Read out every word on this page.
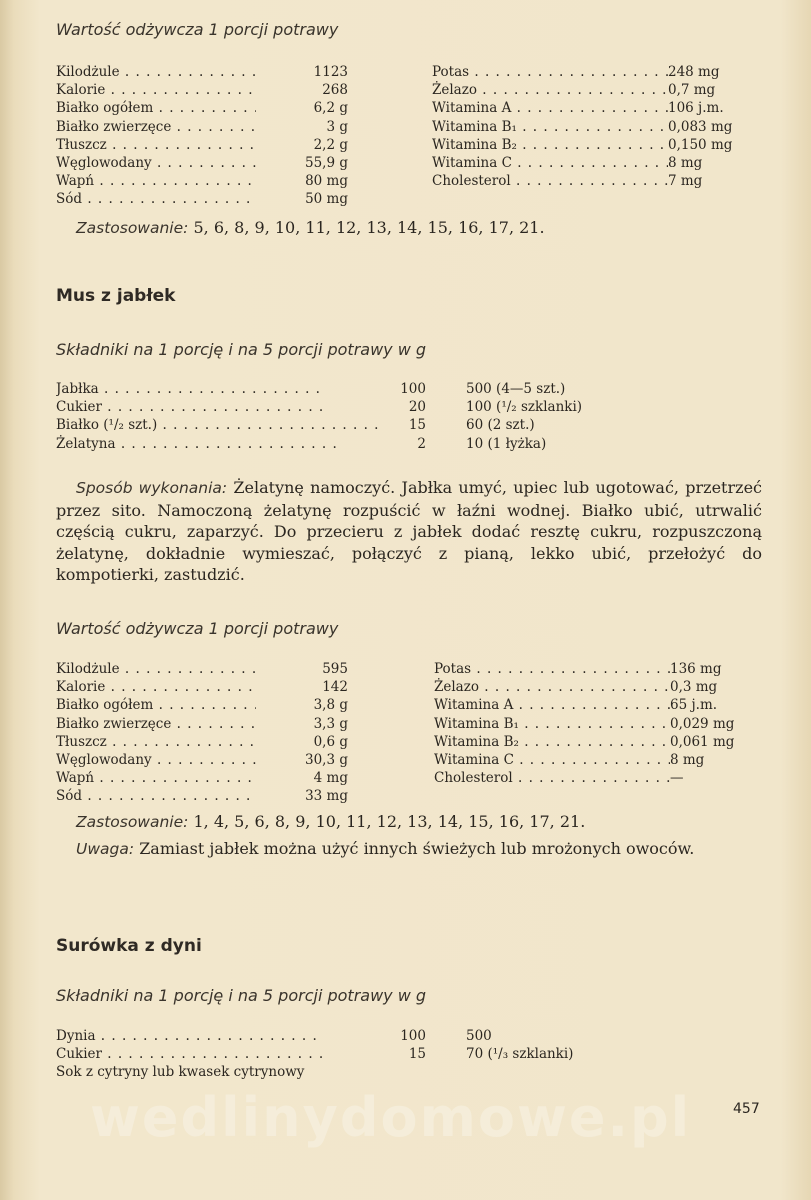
Wartość odżywcza 1 porcji potrawy
Kilodżule . . .	1123
Kalorie . . .	268
Białko ogółem . . .	6,2 g
Białko zwierzęce . . .	3 g
Tłuszcz . . .	2,2 g
Węglowodany . . .	55,9 g
Wapń . . .	80 mg
Sód . . .	50 mg
Potas . . .	248 mg
Żelazo . . .	0,7 mg
Witamina A . . .	106 j.m.
Witamina B₁ . . .	0,083 mg
Witamina B₂ . . .	0,150 mg
Witamina C . . .	8 mg
Cholesterol . . .	7 mg
Zastosowanie: 5, 6, 8, 9, 10, 11, 12, 13, 14, 15, 16, 17, 21.
Mus z jabłek
Składniki na 1 porcję i na 5 porcji potrawy w g
Jabłka . . .	100	500 (4—5 szt.)
Cukier . . .	20	100 (¹/₂ szklanki)
Białko (¹/₂ szt.) . . .	15	60 (2 szt.)
Żelatyna . . .	2	10 (1 łyżka)
Sposób wykonania: Żelatynę namoczyć. Jabłka umyć, upiec lub ugotować, przetrzeć przez sito. Namoczoną żelatynę rozpuścić w łaźni wodnej. Białko ubić, utrwalić częścią cukru, zaparzyć. Do przecieru z jabłek dodać resztę cukru, rozpuszczoną żelatynę, dokładnie wymieszać, połączyć z pianą, lekko ubić, przełożyć do kompotierki, zastudzić.
Wartość odżywcza 1 porcji potrawy
Kilodżule . . .	595
Kalorie . . .	142
Białko ogółem . . .	3,8 g
Białko zwierzęce . . .	3,3 g
Tłuszcz . . .	0,6 g
Węglowodany . . .	30,3 g
Wapń . . .	4 mg
Sód . . .	33 mg
Potas . . .	136 mg
Żelazo . . .	0,3 mg
Witamina A . . .	65 j.m.
Witamina B₁ . . .	0,029 mg
Witamina B₂ . . .	0,061 mg
Witamina C . . .	8 mg
Cholesterol . . .	—
Zastosowanie: 1, 4, 5, 6, 8, 9, 10, 11, 12, 13, 14, 15, 16, 17, 21.
Uwaga: Zamiast jabłek można użyć innych świeżych lub mrożonych owoców.
Surówka z dyni
Składniki na 1 porcję i na 5 porcji potrawy w g
Dynia . . .	100	500
Cukier . . .	15	70 (¹/₃ szklanki)
Sok z cytryny lub kwasek cytrynowy
wedlinydomowe.pl	457
